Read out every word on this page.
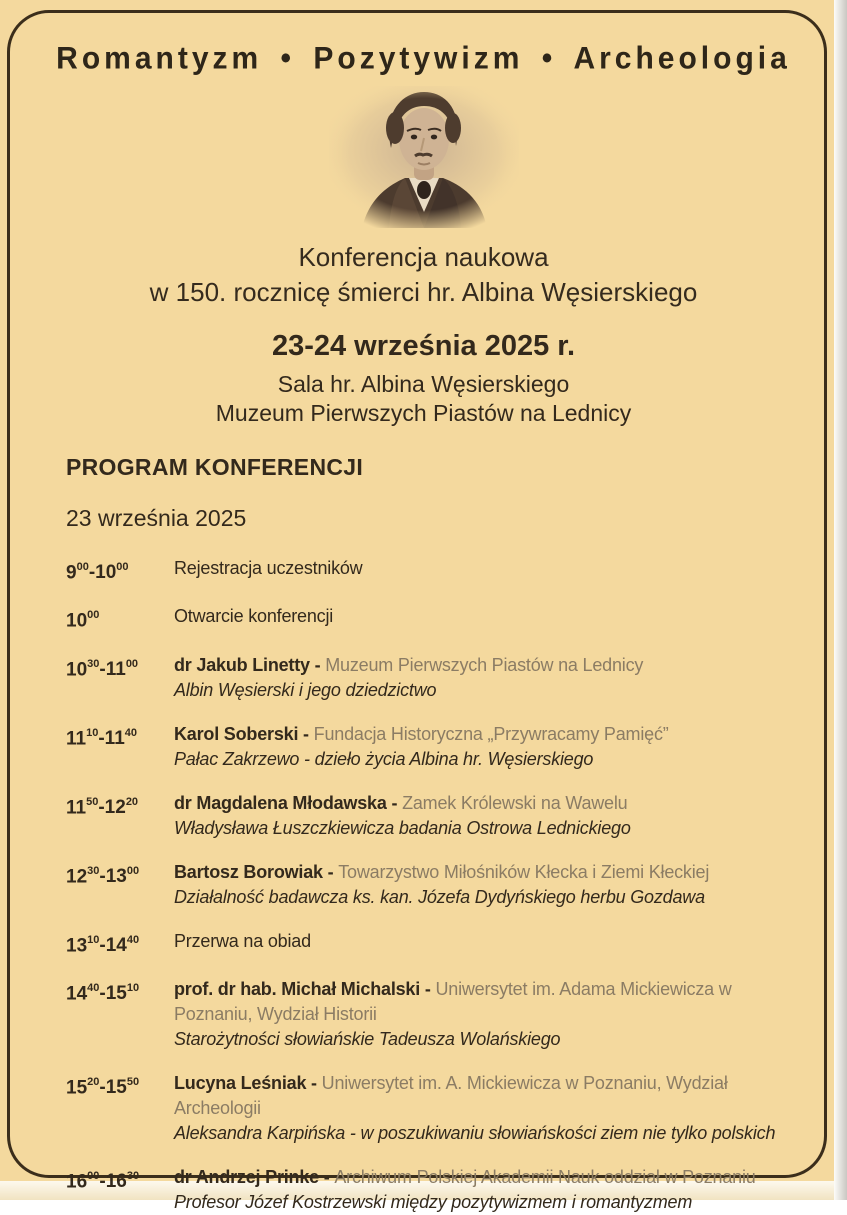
Romantyzm • Pozytywizm • Archeologia
Konferencja naukowa
w 150. rocznicę śmierci hr. Albina Węsierskiego
23-24 września 2025 r.
Sala hr. Albina Węsierskiego
Muzeum Pierwszych Piastów na Lednicy
PROGRAM KONFERENCJI
23 września 2025
$9^{00}-10^{00}$	Rejestracja uczestników
$10^{00}$	Otwarcie konferencji
$10^{30}-11^{00}$	dr Jakub Linetty - Muzeum Pierwszych Piastów na Lednicy
Albin Węsierski i jego dziedzictwo
$11^{10}-11^{40}$	Karol Soberski - Fundacja Historyczna „Przywracamy Pamięć”
Pałac Zakrzewo - dzieło życia Albina hr. Węsierskiego
$11^{50}-12^{20}$	dr Magdalena Młodawska - Zamek Królewski na Wawelu
Władysława Łuszczkiewicza badania Ostrowa Lednickiego
$12^{30}-13^{00}$	Bartosz Borowiak - Towarzystwo Miłośników Kłecka i Ziemi Kłeckiej
Działalność badawcza ks. kan. Józefa Dydyńskiego herbu Gozdawa
$13^{10}-14^{40}$	Przerwa na obiad
$14^{40}-15^{10}$	prof. dr hab. Michał Michalski - Uniwersytet im. Adama Mickiewicza w Poznaniu, Wydział Historii
Starożytności słowiańskie Tadeusza Wolańskiego
$15^{20}-15^{50}$	Lucyna Leśniak - Uniwersytet im. A. Mickiewicza w Poznaniu, Wydział Archeologii
Aleksandra Karpińska - w poszukiwaniu słowiańskości ziem nie tylko polskich
$16^{00}-16^{30}$	dr Andrzej Prinke - Archiwum Polskiej Akademii Nauk oddział w Poznaniu
Profesor Józef Kostrzewski między pozytywizmem i romantyzmem
